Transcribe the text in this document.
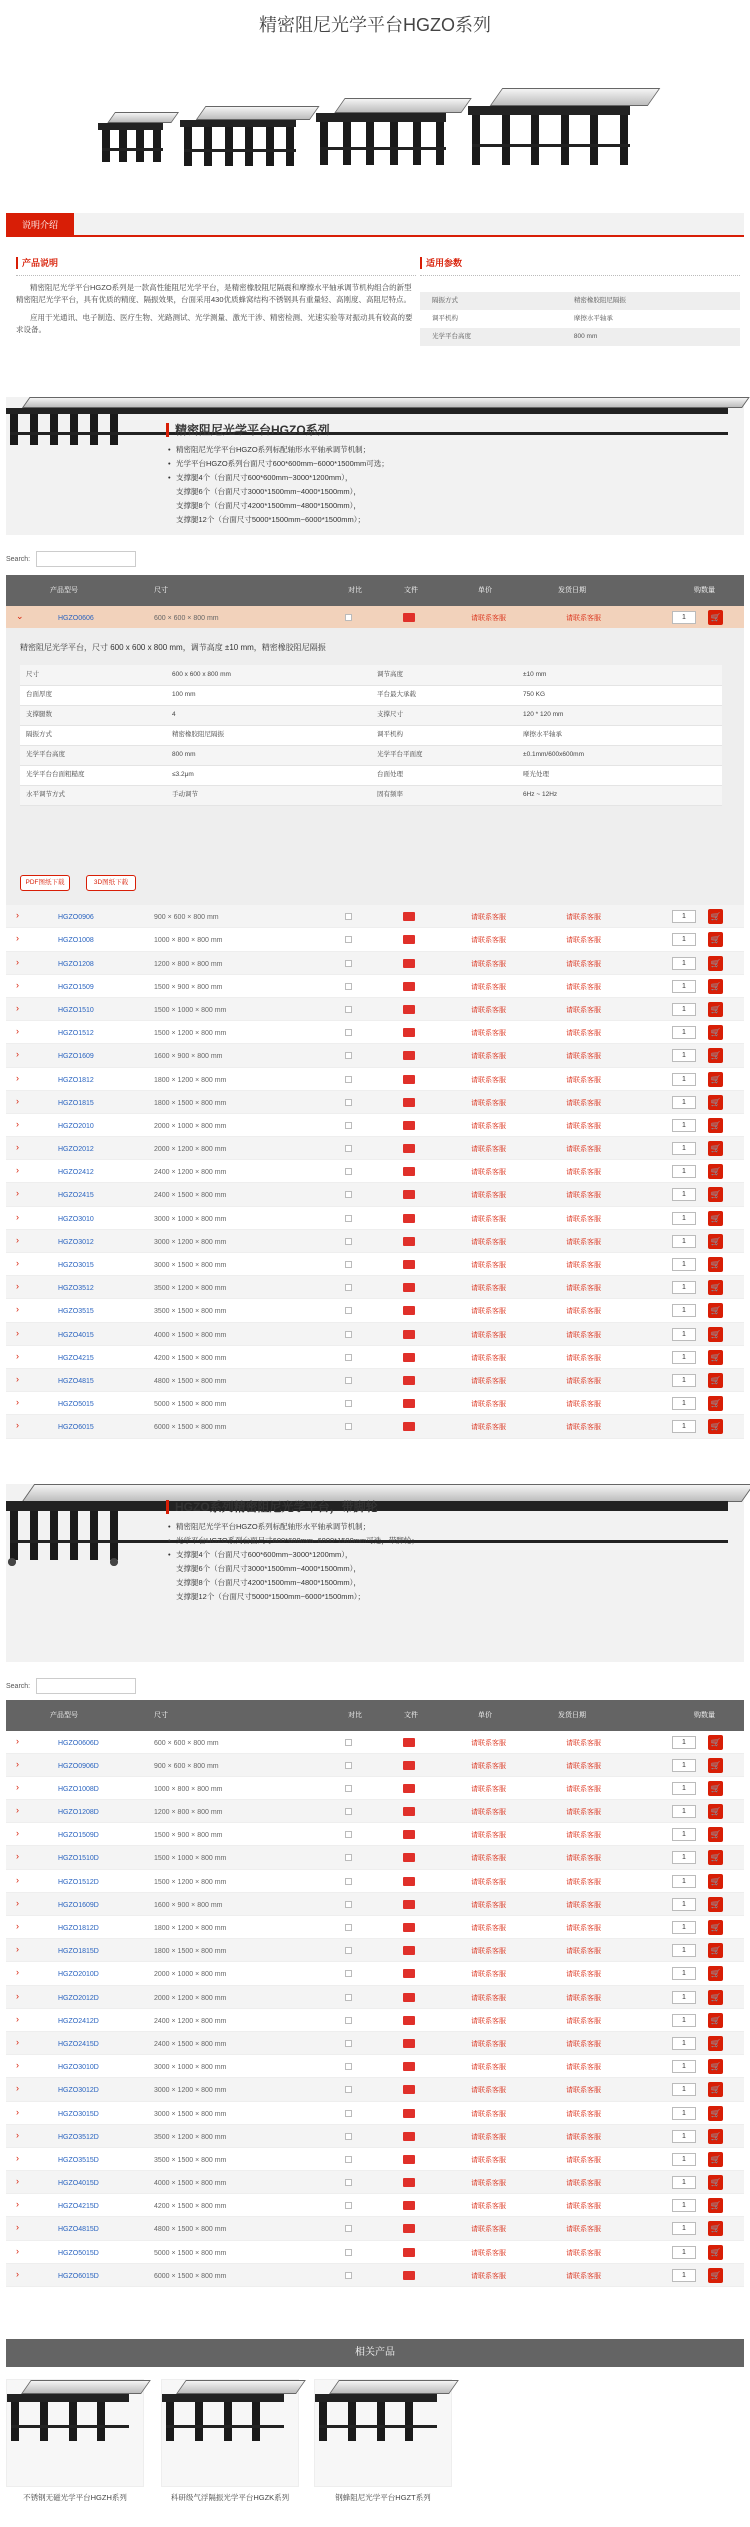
精密阻尼光学平台HGZO系列
说明介绍
产品说明

精密阻尼光学平台HGZO系列是一款高性能阻尼光学平台，是精密橡胶阻尼隔震和摩擦水平轴承调节机构组合的新型精密阻尼光学平台，具有优质的精度、隔振效果，台面采用430优质蜂窝结构不锈钢具有重量轻、高刚度、高阻尼特点。

应用于光通讯、电子制造、医疗生物、光路测试、光学测量、激光干涉、精密检测、光速实验等对振动具有较高的要求设备。

适用参数
隔振方式	精密橡胶阻尼隔振
调平机构	摩擦水平轴承
光学平台高度	800 mm
精密阻尼光学平台HGZO系列
• 精密阻尼光学平台HGZO系列标配轴形水平轴承调节机制；
• 光学平台HGZO系列台面尺寸600*600mm~6000*1500mm可选；
• 支撑腿4个（台面尺寸600*600mm~3000*1200mm），
支撑腿6个（台面尺寸3000*1500mm~4000*1500mm），
支撑腿8个（台面尺寸4200*1500mm~4800*1500mm），
支撑腿12个（台面尺寸5000*1500mm~6000*1500mm）；
Search:
产品型号	尺寸	对比	文件	单价	发货日期	购数量
⌄	HGZO0606	600 × 600 × 800 mm	请联系客服	请联系客服	1	🛒
精密阻尼光学平台，尺寸 600 x 600 x 800 mm，调节高度 ±10 mm，精密橡胶阻尼隔振
尺寸	600 x 600 x 800 mm	调节高度	±10 mm
台面厚度	100 mm	平台最大承载	750 KG
支撑腿数	4	支撑尺寸	120 * 120 mm
隔振方式	精密橡胶阻尼隔振	调平机构	摩擦水平轴承
光学平台高度	800 mm	光学平台平面度	±0.1mm/600x600mm
光学平台台面粗糙度	≤3.2μm	台面处理	哑光处理
水平调节方式	手动调节	固有频率	6Hz ~ 12Hz
PDF图纸下载	3D图纸下载
›	HGZO0906	900 × 600 × 800 mm	请联系客服	请联系客服	1	🛒
›	HGZO1008	1000 × 800 × 800 mm	请联系客服	请联系客服	1	🛒
›	HGZO1208	1200 × 800 × 800 mm	请联系客服	请联系客服	1	🛒
›	HGZO1509	1500 × 900 × 800 mm	请联系客服	请联系客服	1	🛒
›	HGZO1510	1500 × 1000 × 800 mm	请联系客服	请联系客服	1	🛒
›	HGZO1512	1500 × 1200 × 800 mm	请联系客服	请联系客服	1	🛒
›	HGZO1609	1600 × 900 × 800 mm	请联系客服	请联系客服	1	🛒
›	HGZO1812	1800 × 1200 × 800 mm	请联系客服	请联系客服	1	🛒
›	HGZO1815	1800 × 1500 × 800 mm	请联系客服	请联系客服	1	🛒
›	HGZO2010	2000 × 1000 × 800 mm	请联系客服	请联系客服	1	🛒
›	HGZO2012	2000 × 1200 × 800 mm	请联系客服	请联系客服	1	🛒
›	HGZO2412	2400 × 1200 × 800 mm	请联系客服	请联系客服	1	🛒
›	HGZO2415	2400 × 1500 × 800 mm	请联系客服	请联系客服	1	🛒
›	HGZO3010	3000 × 1000 × 800 mm	请联系客服	请联系客服	1	🛒
›	HGZO3012	3000 × 1200 × 800 mm	请联系客服	请联系客服	1	🛒
›	HGZO3015	3000 × 1500 × 800 mm	请联系客服	请联系客服	1	🛒
›	HGZO3512	3500 × 1200 × 800 mm	请联系客服	请联系客服	1	🛒
›	HGZO3515	3500 × 1500 × 800 mm	请联系客服	请联系客服	1	🛒
›	HGZO4015	4000 × 1500 × 800 mm	请联系客服	请联系客服	1	🛒
›	HGZO4215	4200 × 1500 × 800 mm	请联系客服	请联系客服	1	🛒
›	HGZO4815	4800 × 1500 × 800 mm	请联系客服	请联系客服	1	🛒
›	HGZO5015	5000 × 1500 × 800 mm	请联系客服	请联系客服	1	🛒
›	HGZO6015	6000 × 1500 × 800 mm	请联系客服	请联系客服	1	🛒
HGZO系列精密阻尼光学平台，带脚轮
• 精密阻尼光学平台HGZO系列标配轴形水平轴承调节机制；
• 光学平台HGZO系列台面尺寸600*600mm~6000*1500mm可选，带脚轮；
• 支撑腿4个（台面尺寸600*600mm~3000*1200mm），
支撑腿6个（台面尺寸3000*1500mm~4000*1500mm），
支撑腿8个（台面尺寸4200*1500mm~4800*1500mm），
支撑腿12个（台面尺寸5000*1500mm~6000*1500mm）；
Search:
产品型号	尺寸	对比	文件	单价	发货日期	购数量
›	HGZO0606D	600 × 600 × 800 mm	请联系客服	请联系客服	1	🛒
›	HGZO0906D	900 × 600 × 800 mm	请联系客服	请联系客服	1	🛒
›	HGZO1008D	1000 × 800 × 800 mm	请联系客服	请联系客服	1	🛒
›	HGZO1208D	1200 × 800 × 800 mm	请联系客服	请联系客服	1	🛒
›	HGZO1509D	1500 × 900 × 800 mm	请联系客服	请联系客服	1	🛒
›	HGZO1510D	1500 × 1000 × 800 mm	请联系客服	请联系客服	1	🛒
›	HGZO1512D	1500 × 1200 × 800 mm	请联系客服	请联系客服	1	🛒
›	HGZO1609D	1600 × 900 × 800 mm	请联系客服	请联系客服	1	🛒
›	HGZO1812D	1800 × 1200 × 800 mm	请联系客服	请联系客服	1	🛒
›	HGZO1815D	1800 × 1500 × 800 mm	请联系客服	请联系客服	1	🛒
›	HGZO2010D	2000 × 1000 × 800 mm	请联系客服	请联系客服	1	🛒
›	HGZO2012D	2000 × 1200 × 800 mm	请联系客服	请联系客服	1	🛒
›	HGZO2412D	2400 × 1200 × 800 mm	请联系客服	请联系客服	1	🛒
›	HGZO2415D	2400 × 1500 × 800 mm	请联系客服	请联系客服	1	🛒
›	HGZO3010D	3000 × 1000 × 800 mm	请联系客服	请联系客服	1	🛒
›	HGZO3012D	3000 × 1200 × 800 mm	请联系客服	请联系客服	1	🛒
›	HGZO3015D	3000 × 1500 × 800 mm	请联系客服	请联系客服	1	🛒
›	HGZO3512D	3500 × 1200 × 800 mm	请联系客服	请联系客服	1	🛒
›	HGZO3515D	3500 × 1500 × 800 mm	请联系客服	请联系客服	1	🛒
›	HGZO4015D	4000 × 1500 × 800 mm	请联系客服	请联系客服	1	🛒
›	HGZO4215D	4200 × 1500 × 800 mm	请联系客服	请联系客服	1	🛒
›	HGZO4815D	4800 × 1500 × 800 mm	请联系客服	请联系客服	1	🛒
›	HGZO5015D	5000 × 1500 × 800 mm	请联系客服	请联系客服	1	🛒
›	HGZO6015D	6000 × 1500 × 800 mm	请联系客服	请联系客服	1	🛒
相关产品
不锈钢无磁光学平台HGZH系列	科研级气浮隔振光学平台HGZK系列	钢蜂阻尼光学平台HGZT系列
